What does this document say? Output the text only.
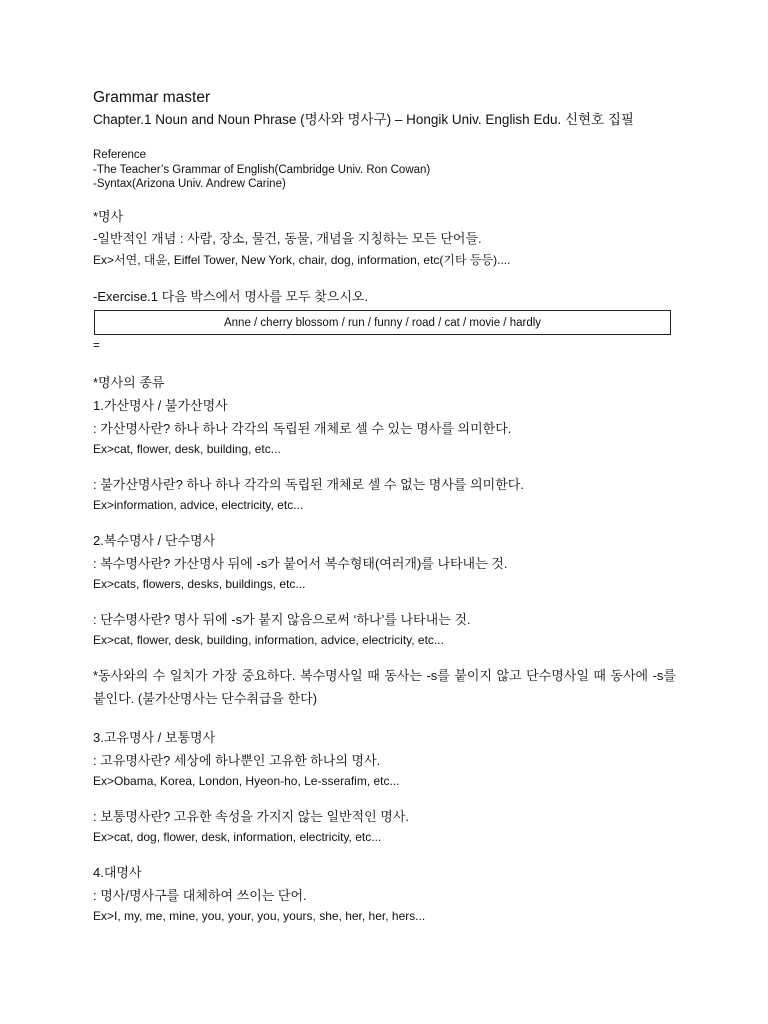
Grammar master
Chapter.1 Noun and Noun Phrase (명사와 명사구) – Hongik Univ. English Edu. 신현호 집필
Reference
-The Teacher’s Grammar of English(Cambridge Univ. Ron Cowan)
-Syntax(Arizona Univ. Andrew Carine)
*명사
-일반적인 개념 : 사람, 장소, 물건, 동물, 개념을 지칭하는 모든 단어들.
Ex>서연, 대윤, Eiffel Tower, New York, chair, dog, information, etc(기타 등등)....
-Exercise.1 다음 박스에서 명사를 모두 찾으시오.
Anne / cherry blossom / run / funny / road / cat / movie / hardly
=
*명사의 종류
1.가산명사 / 불가산명사
: 가산명사란? 하나 하나 각각의 독립된 개체로 셀 수 있는 명사를 의미한다.
Ex>cat, flower, desk, building, etc...
: 불가산명사란? 하나 하나 각각의 독립된 개체로 셀 수 없는 명사를 의미한다.
Ex>information, advice, electricity, etc...
2.복수명사 / 단수명사
: 복수명사란? 가산명사 뒤에 -s가 붙어서 복수형태(여러개)를 나타내는 것.
Ex>cats, flowers, desks, buildings, etc...
: 단수명사란? 명사 뒤에 -s가 붙지 않음으로써 ‘하나’를 나타내는 것.
Ex>cat, flower, desk, building, information, advice, electricity, etc...
*동사와의 수 일치가 가장 중요하다. 복수명사일 때 동사는 -s를 붙이지 않고 단수명사일 때 동사에 -s를 붙인다. (불가산명사는 단수취급을 한다)
3.고유명사 / 보통명사
: 고유명사란? 세상에 하나뿐인 고유한 하나의 명사.
Ex>Obama, Korea, London, Hyeon-ho, Le-sserafim, etc...
: 보통명사란? 고유한 속성을 가지지 않는 일반적인 명사.
Ex>cat, dog, flower, desk, information, electricity, etc...
4.대명사
: 명사/명사구를 대체하여 쓰이는 단어.
Ex>I, my, me, mine, you, your, you, yours, she, her, her, hers...
